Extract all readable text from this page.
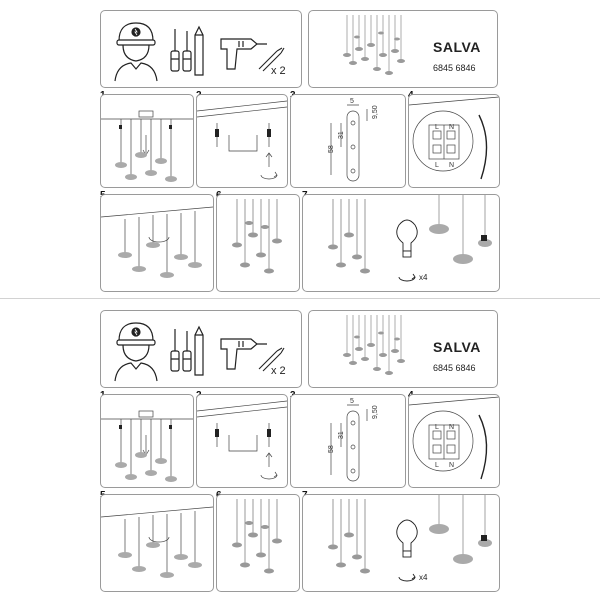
x 2
SALVA
6845 6846
5
9,50
31
58
L N
L N
x4
x 2
SALVA
6845 6846
5
9,50
31
58
L N
L N
x4
